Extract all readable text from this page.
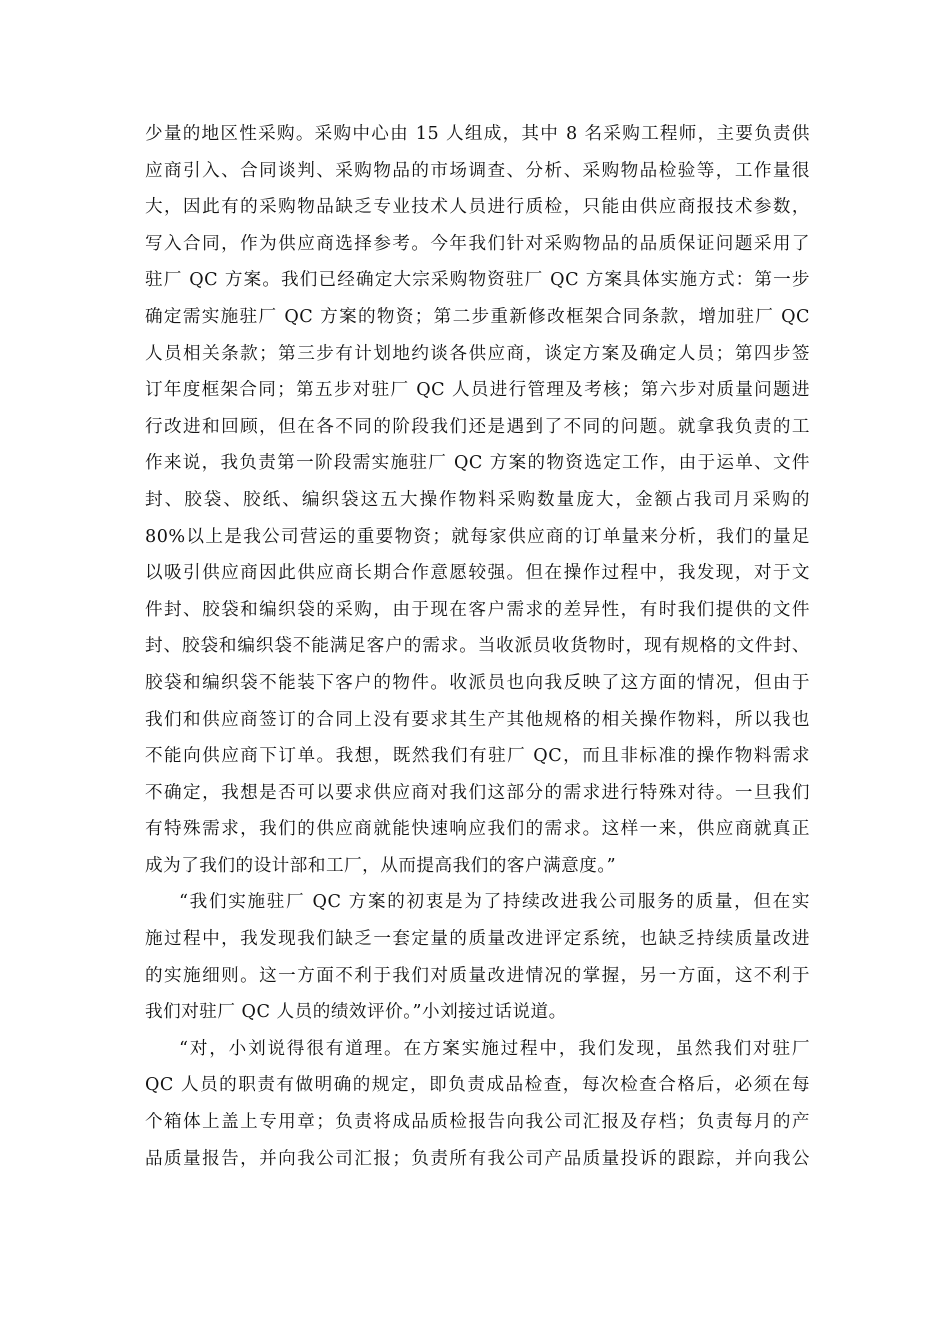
少量的地区性采购。采购中心由 15 人组成，其中 8 名采购工程师，主要负责供
应商引入、合同谈判、采购物品的市场调查、分析、采购物品检验等，工作量很
大，因此有的采购物品缺乏专业技术人员进行质检，只能由供应商报技术参数，
写入合同，作为供应商选择参考。今年我们针对采购物品的品质保证问题采用了
驻厂 QC 方案。我们已经确定大宗采购物资驻厂 QC 方案具体实施方式：第一步
确定需实施驻厂 QC 方案的物资；第二步重新修改框架合同条款，增加驻厂 QC
人员相关条款；第三步有计划地约谈各供应商，谈定方案及确定人员；第四步签
订年度框架合同；第五步对驻厂 QC 人员进行管理及考核；第六步对质量问题进
行改进和回顾，但在各不同的阶段我们还是遇到了不同的问题。就拿我负责的工
作来说，我负责第一阶段需实施驻厂 QC 方案的物资选定工作，由于运单、文件
封、胶袋、胶纸、编织袋这五大操作物料采购数量庞大，金额占我司月采购的
80%以上是我公司营运的重要物资；就每家供应商的订单量来分析，我们的量足
以吸引供应商因此供应商长期合作意愿较强。但在操作过程中，我发现，对于文
件封、胶袋和编织袋的采购，由于现在客户需求的差异性，有时我们提供的文件
封、胶袋和编织袋不能满足客户的需求。当收派员收货物时，现有规格的文件封、
胶袋和编织袋不能装下客户的物件。收派员也向我反映了这方面的情况，但由于
我们和供应商签订的合同上没有要求其生产其他规格的相关操作物料，所以我也
不能向供应商下订单。我想，既然我们有驻厂 QC，而且非标准的操作物料需求
不确定，我想是否可以要求供应商对我们这部分的需求进行特殊对待。一旦我们
有特殊需求，我们的供应商就能快速响应我们的需求。这样一来，供应商就真正
成为了我们的设计部和工厂，从而提高我们的客户满意度。”
“我们实施驻厂 QC 方案的初衷是为了持续改进我公司服务的质量，但在实
施过程中，我发现我们缺乏一套定量的质量改进评定系统，也缺乏持续质量改进
的实施细则。这一方面不利于我们对质量改进情况的掌握，另一方面，这不利于
我们对驻厂 QC 人员的绩效评价。”小刘接过话说道。
“对，小刘说得很有道理。在方案实施过程中，我们发现，虽然我们对驻厂
QC 人员的职责有做明确的规定，即负责成品检查，每次检查合格后，必须在每
个箱体上盖上专用章；负责将成品质检报告向我公司汇报及存档；负责每月的产
品质量报告，并向我公司汇报；负责所有我公司产品质量投诉的跟踪，并向我公
